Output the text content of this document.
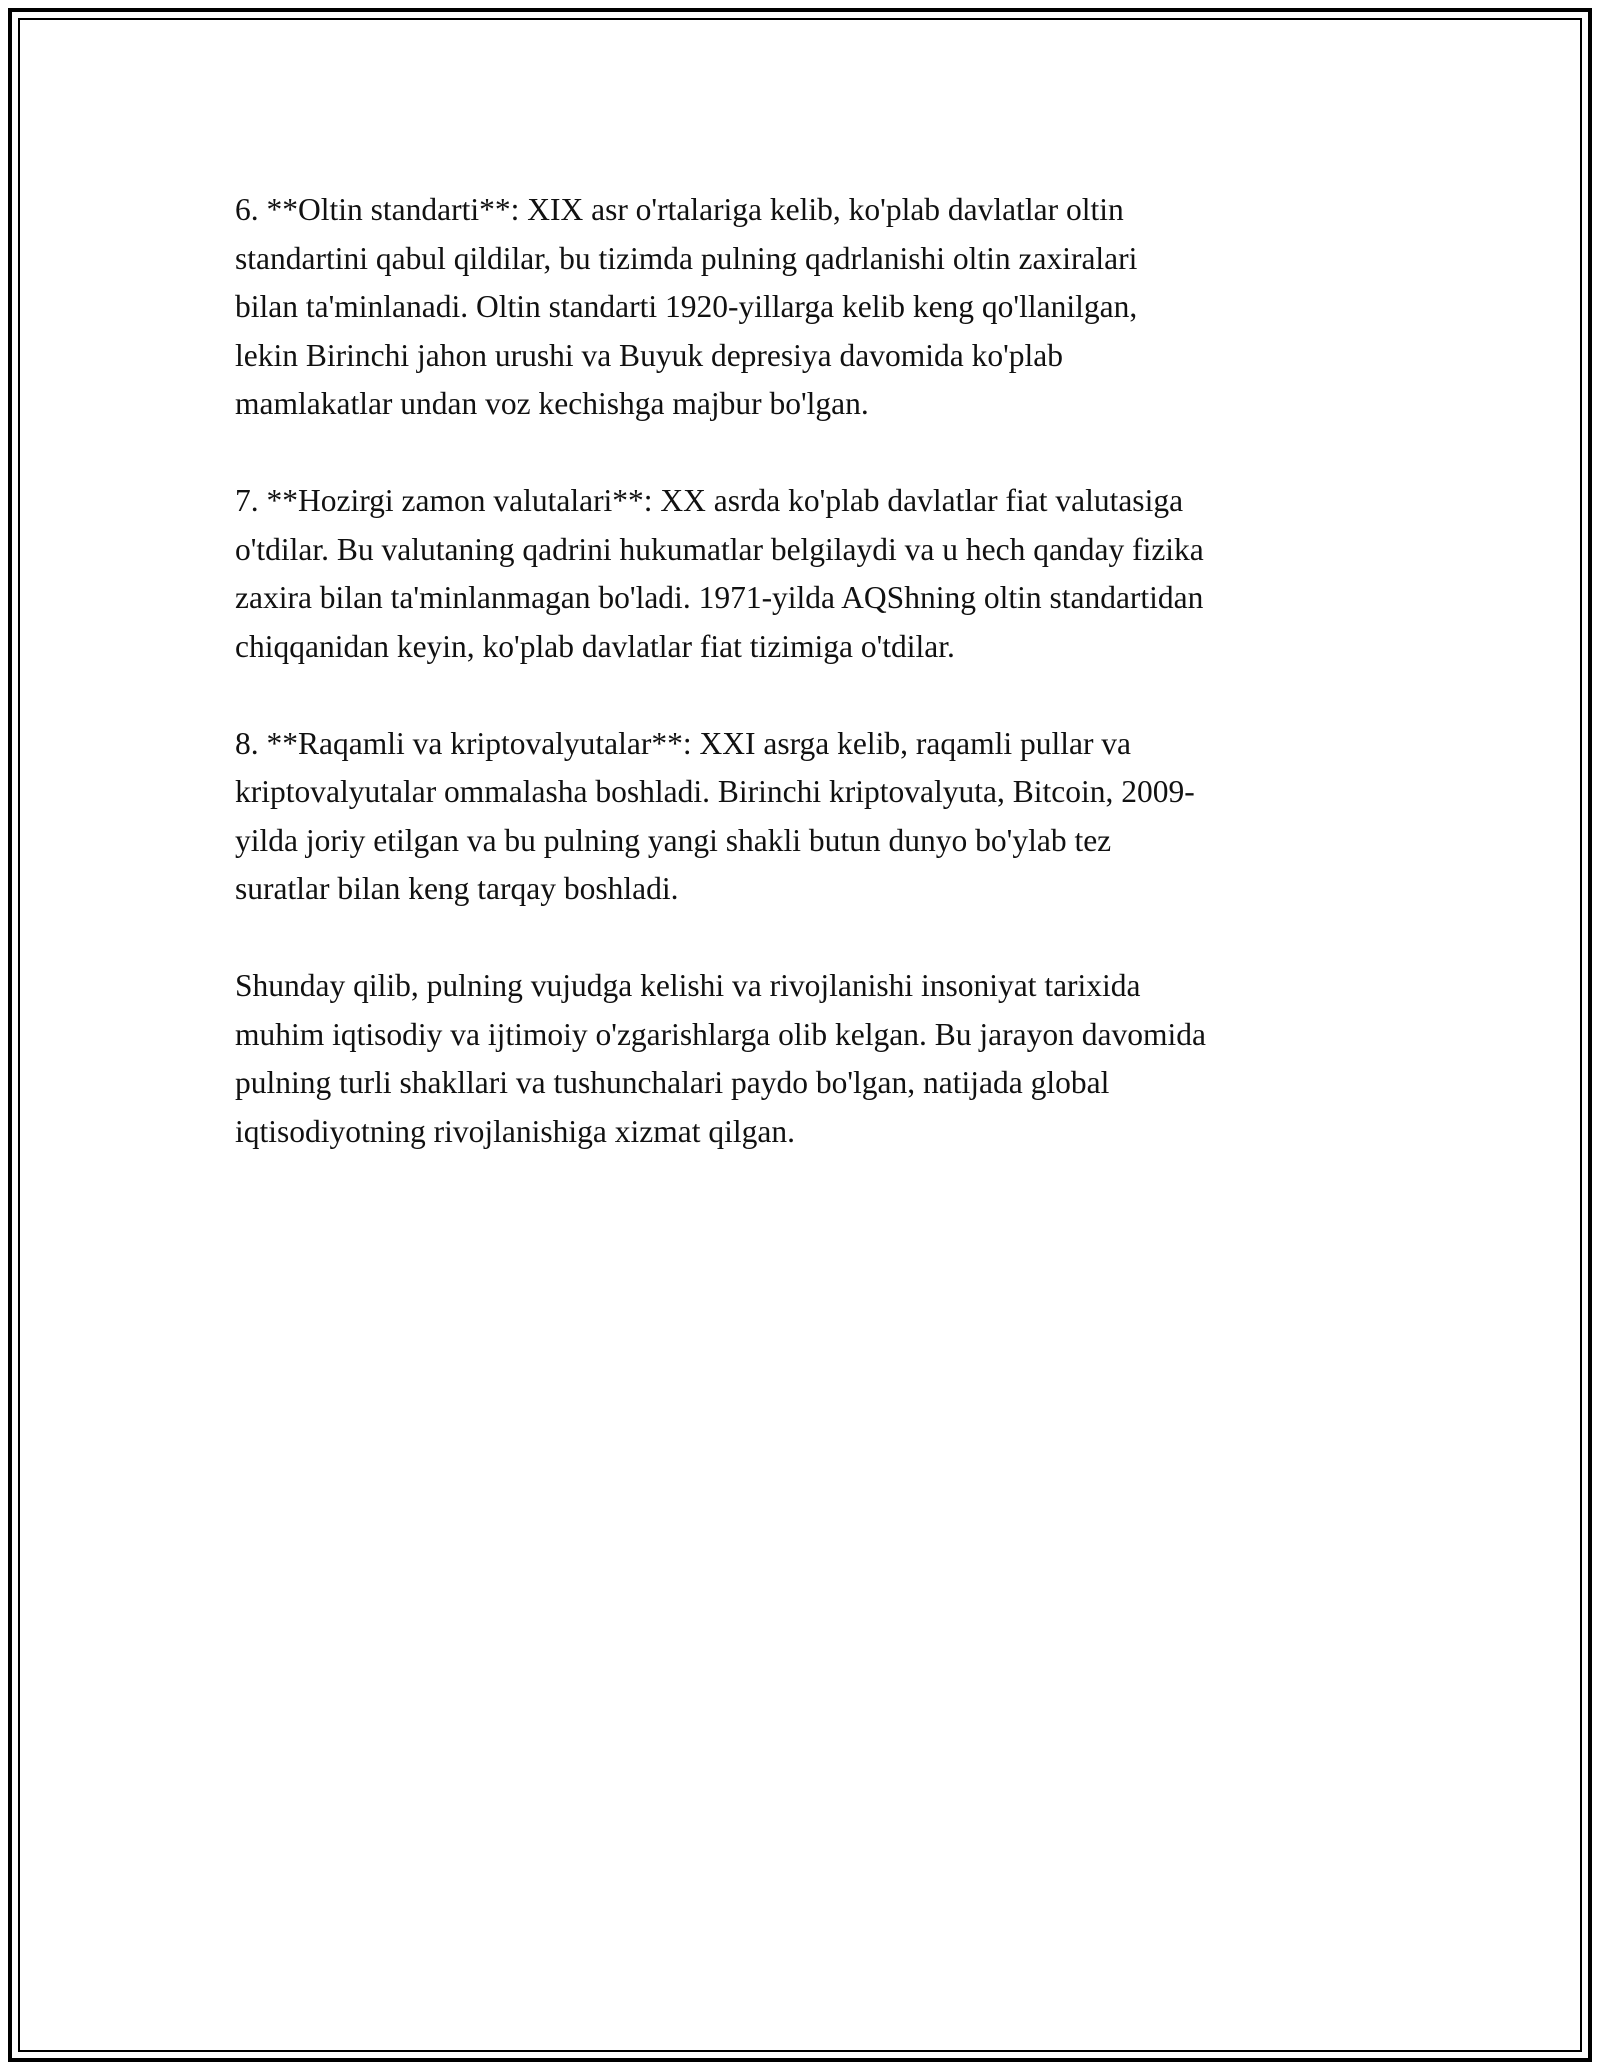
6. **Oltin standarti**: XIX asr o'rtalariga kelib, ko'plab davlatlar oltin
standartini qabul qildilar, bu tizimda pulning qadrlanishi oltin zaxiralari
bilan ta'minlanadi. Oltin standarti 1920-yillarga kelib keng qo'llanilgan,
lekin Birinchi jahon urushi va Buyuk depresiya davomida ko'plab
mamlakatlar undan voz kechishga majbur bo'lgan.

7. **Hozirgi zamon valutalari**: XX asrda ko'plab davlatlar fiat valutasiga
o'tdilar. Bu valutaning qadrini hukumatlar belgilaydi va u hech qanday fizika
zaxira bilan ta'minlanmagan bo'ladi. 1971-yilda AQShning oltin standartidan
chiqqanidan keyin, ko'plab davlatlar fiat tizimiga o'tdilar.

8. **Raqamli va kriptovalyutalar**: XXI asrga kelib, raqamli pullar va
kriptovalyutalar ommalasha boshladi. Birinchi kriptovalyuta, Bitcoin, 2009-
yilda joriy etilgan va bu pulning yangi shakli butun dunyo bo'ylab tez
suratlar bilan keng tarqay boshladi.

Shunday qilib, pulning vujudga kelishi va rivojlanishi insoniyat tarixida
muhim iqtisodiy va ijtimoiy o'zgarishlarga olib kelgan. Bu jarayon davomida
pulning turli shakllari va tushunchalari paydo bo'lgan, natijada global
iqtisodiyotning rivojlanishiga xizmat qilgan.
